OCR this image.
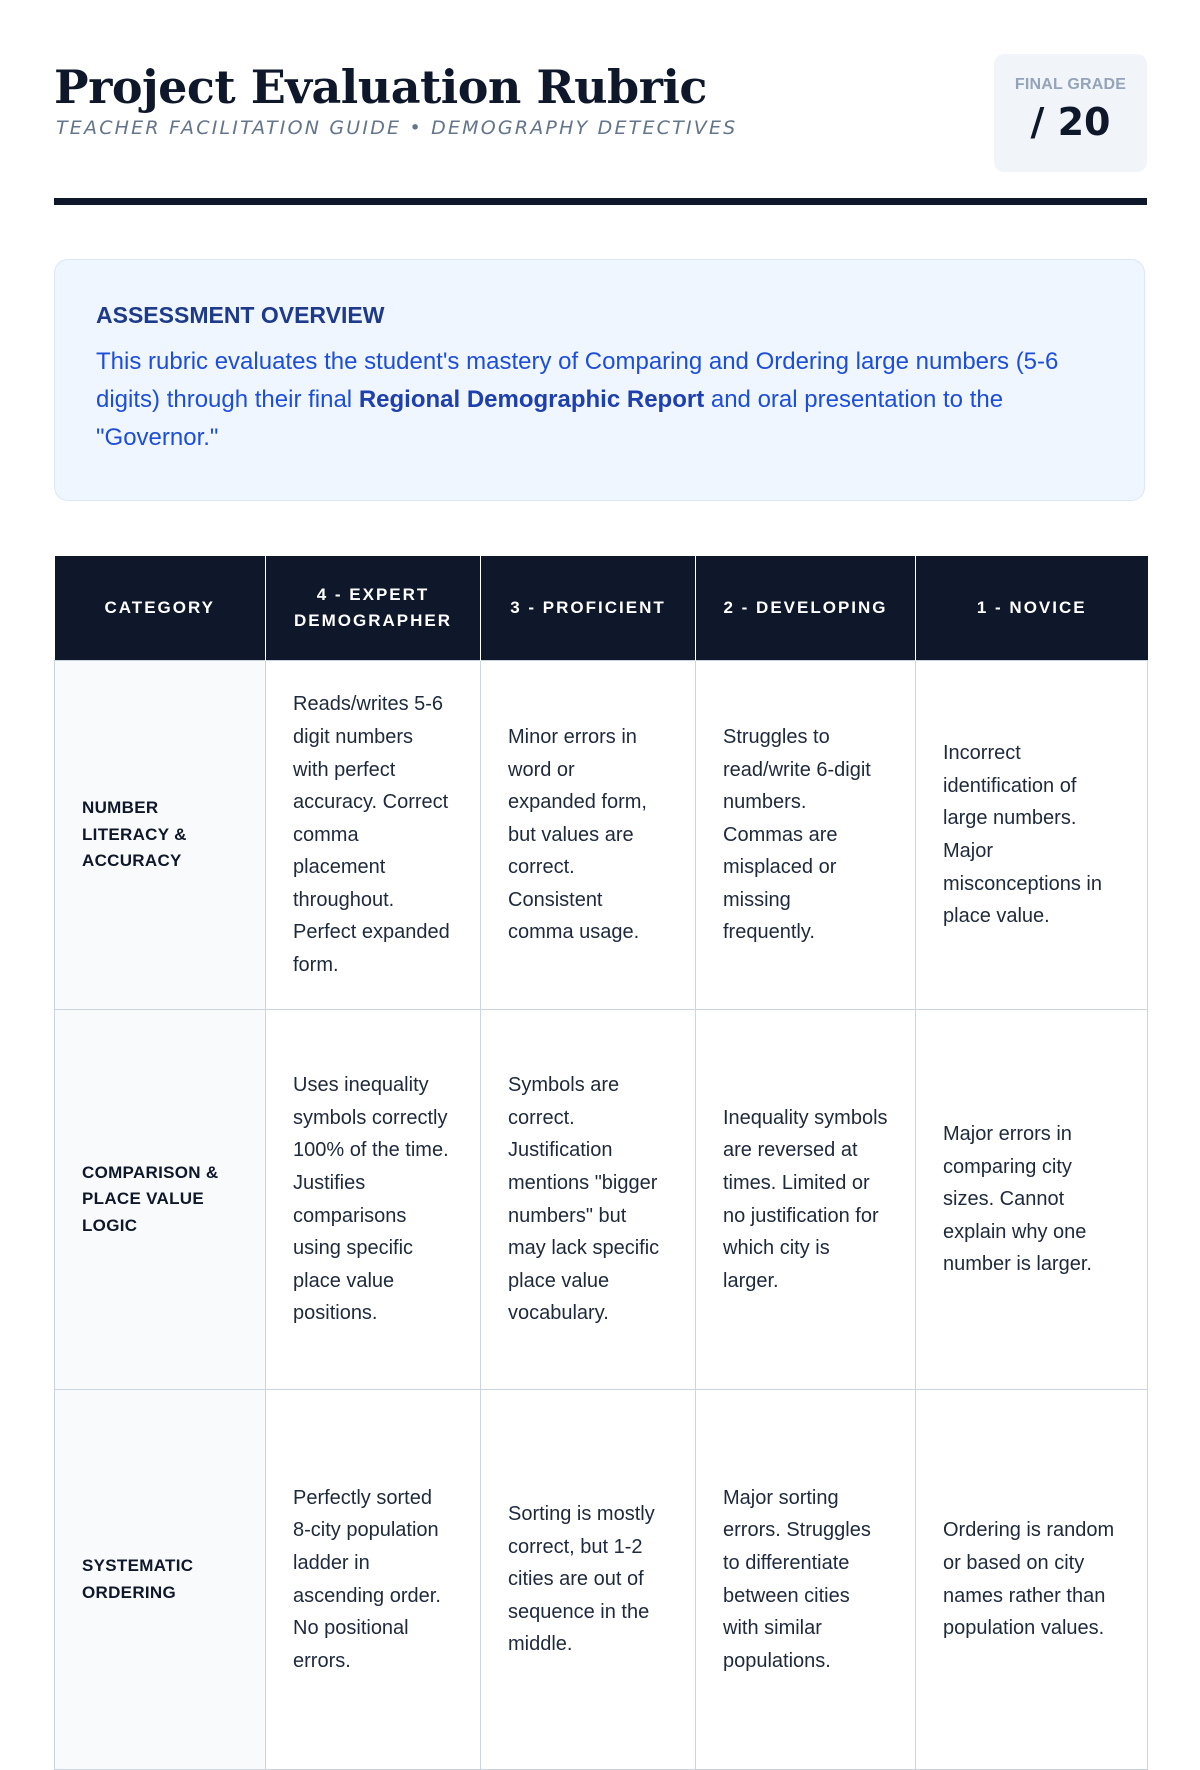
Project Evaluation Rubric
TEACHER FACILITATION GUIDE • DEMOGRAPHY DETECTIVES
FINAL GRADE
/ 20
ASSESSMENT OVERVIEW

This rubric evaluates the student's mastery of Comparing and Ordering large numbers (5-6 digits) through their final Regional Demographic Report and oral presentation to the "Governor."

CATEGORY	4 - EXPERT DEMOGRAPHER	3 - PROFICIENT	2 - DEVELOPING	1 - NOVICE
NUMBER LITERACY & ACCURACY	Reads/writes 5-6 digit numbers with perfect accuracy. Correct comma placement throughout. Perfect expanded form.	Minor errors in word or expanded form, but values are correct. Consistent comma usage.	Struggles to read/write 6-digit numbers. Commas are misplaced or missing frequently.	Incorrect identification of large numbers. Major misconceptions in place value.
COMPARISON & PLACE VALUE LOGIC	Uses inequality symbols correctly 100% of the time. Justifies comparisons using specific place value positions.	Symbols are correct. Justification mentions "bigger numbers" but may lack specific place value vocabulary.	Inequality symbols are reversed at times. Limited or no justification for which city is larger.	Major errors in comparing city sizes. Cannot explain why one number is larger.
SYSTEMATIC ORDERING	Perfectly sorted 8-city population ladder in ascending order. No positional errors.	Sorting is mostly correct, but 1-2 cities are out of sequence in the middle.	Major sorting errors. Struggles to differentiate between cities with similar populations.	Ordering is random or based on city names rather than population values.
